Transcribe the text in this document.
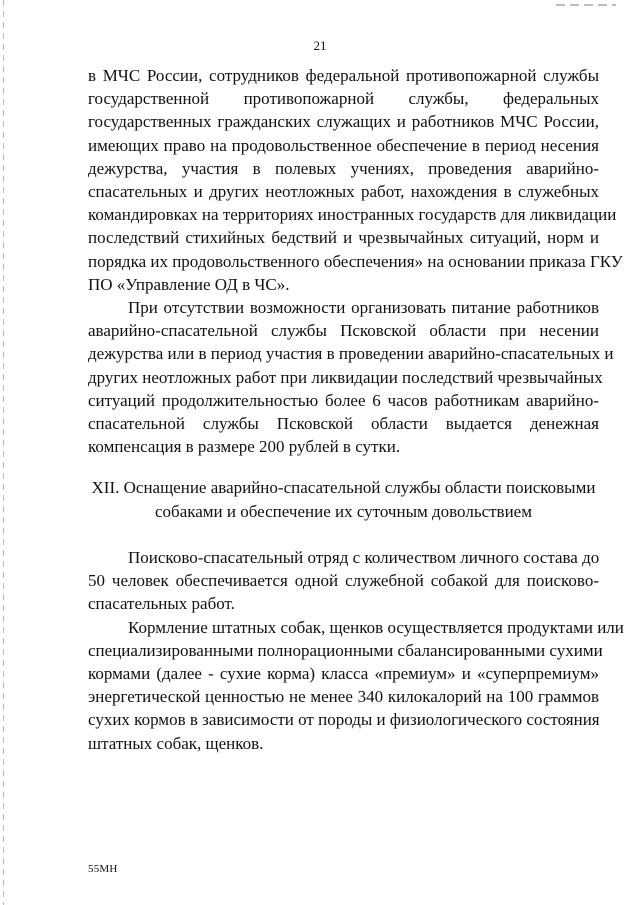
21
в МЧС России, сотрудников федеральной противопожарной службы
государственной противопожарной службы, федеральных
государственных гражданских служащих и работников МЧС России,
имеющих право на продовольственное обеспечение в период несения
дежурства, участия в полевых учениях, проведения аварийно-
спасательных и других неотложных работ, нахождения в служебных
командировках на территориях иностранных государств для ликвидации
последствий стихийных бедствий и чрезвычайных ситуаций, норм и
порядка их продовольственного обеспечения» на основании приказа ГКУ
ПО «Управление ОД в ЧС».
При отсутствии возможности организовать питание работников
аварийно-спасательной службы Псковской области при несении
дежурства или в период участия в проведении аварийно-спасательных и
других неотложных работ при ликвидации последствий чрезвычайных
ситуаций продолжительностью более 6 часов работникам аварийно-
спасательной службы Псковской области выдается денежная
компенсация в размере 200 рублей в сутки.
XII. Оснащение аварийно-спасательной службы области поисковыми
собаками и обеспечение их суточным довольствием
Поисково-спасательный отряд с количеством личного состава до
50 человек обеспечивается одной служебной собакой для поисково-
спасательных работ.
Кормление штатных собак, щенков осуществляется продуктами или
специализированными полнорационными сбалансированными сухими
кормами (далее - сухие корма) класса «премиум» и «суперпремиум»
энергетической ценностью не менее 340 килокалорий на 100 граммов
сухих кормов в зависимости от породы и физиологического состояния
штатных собак, щенков.
55МН
